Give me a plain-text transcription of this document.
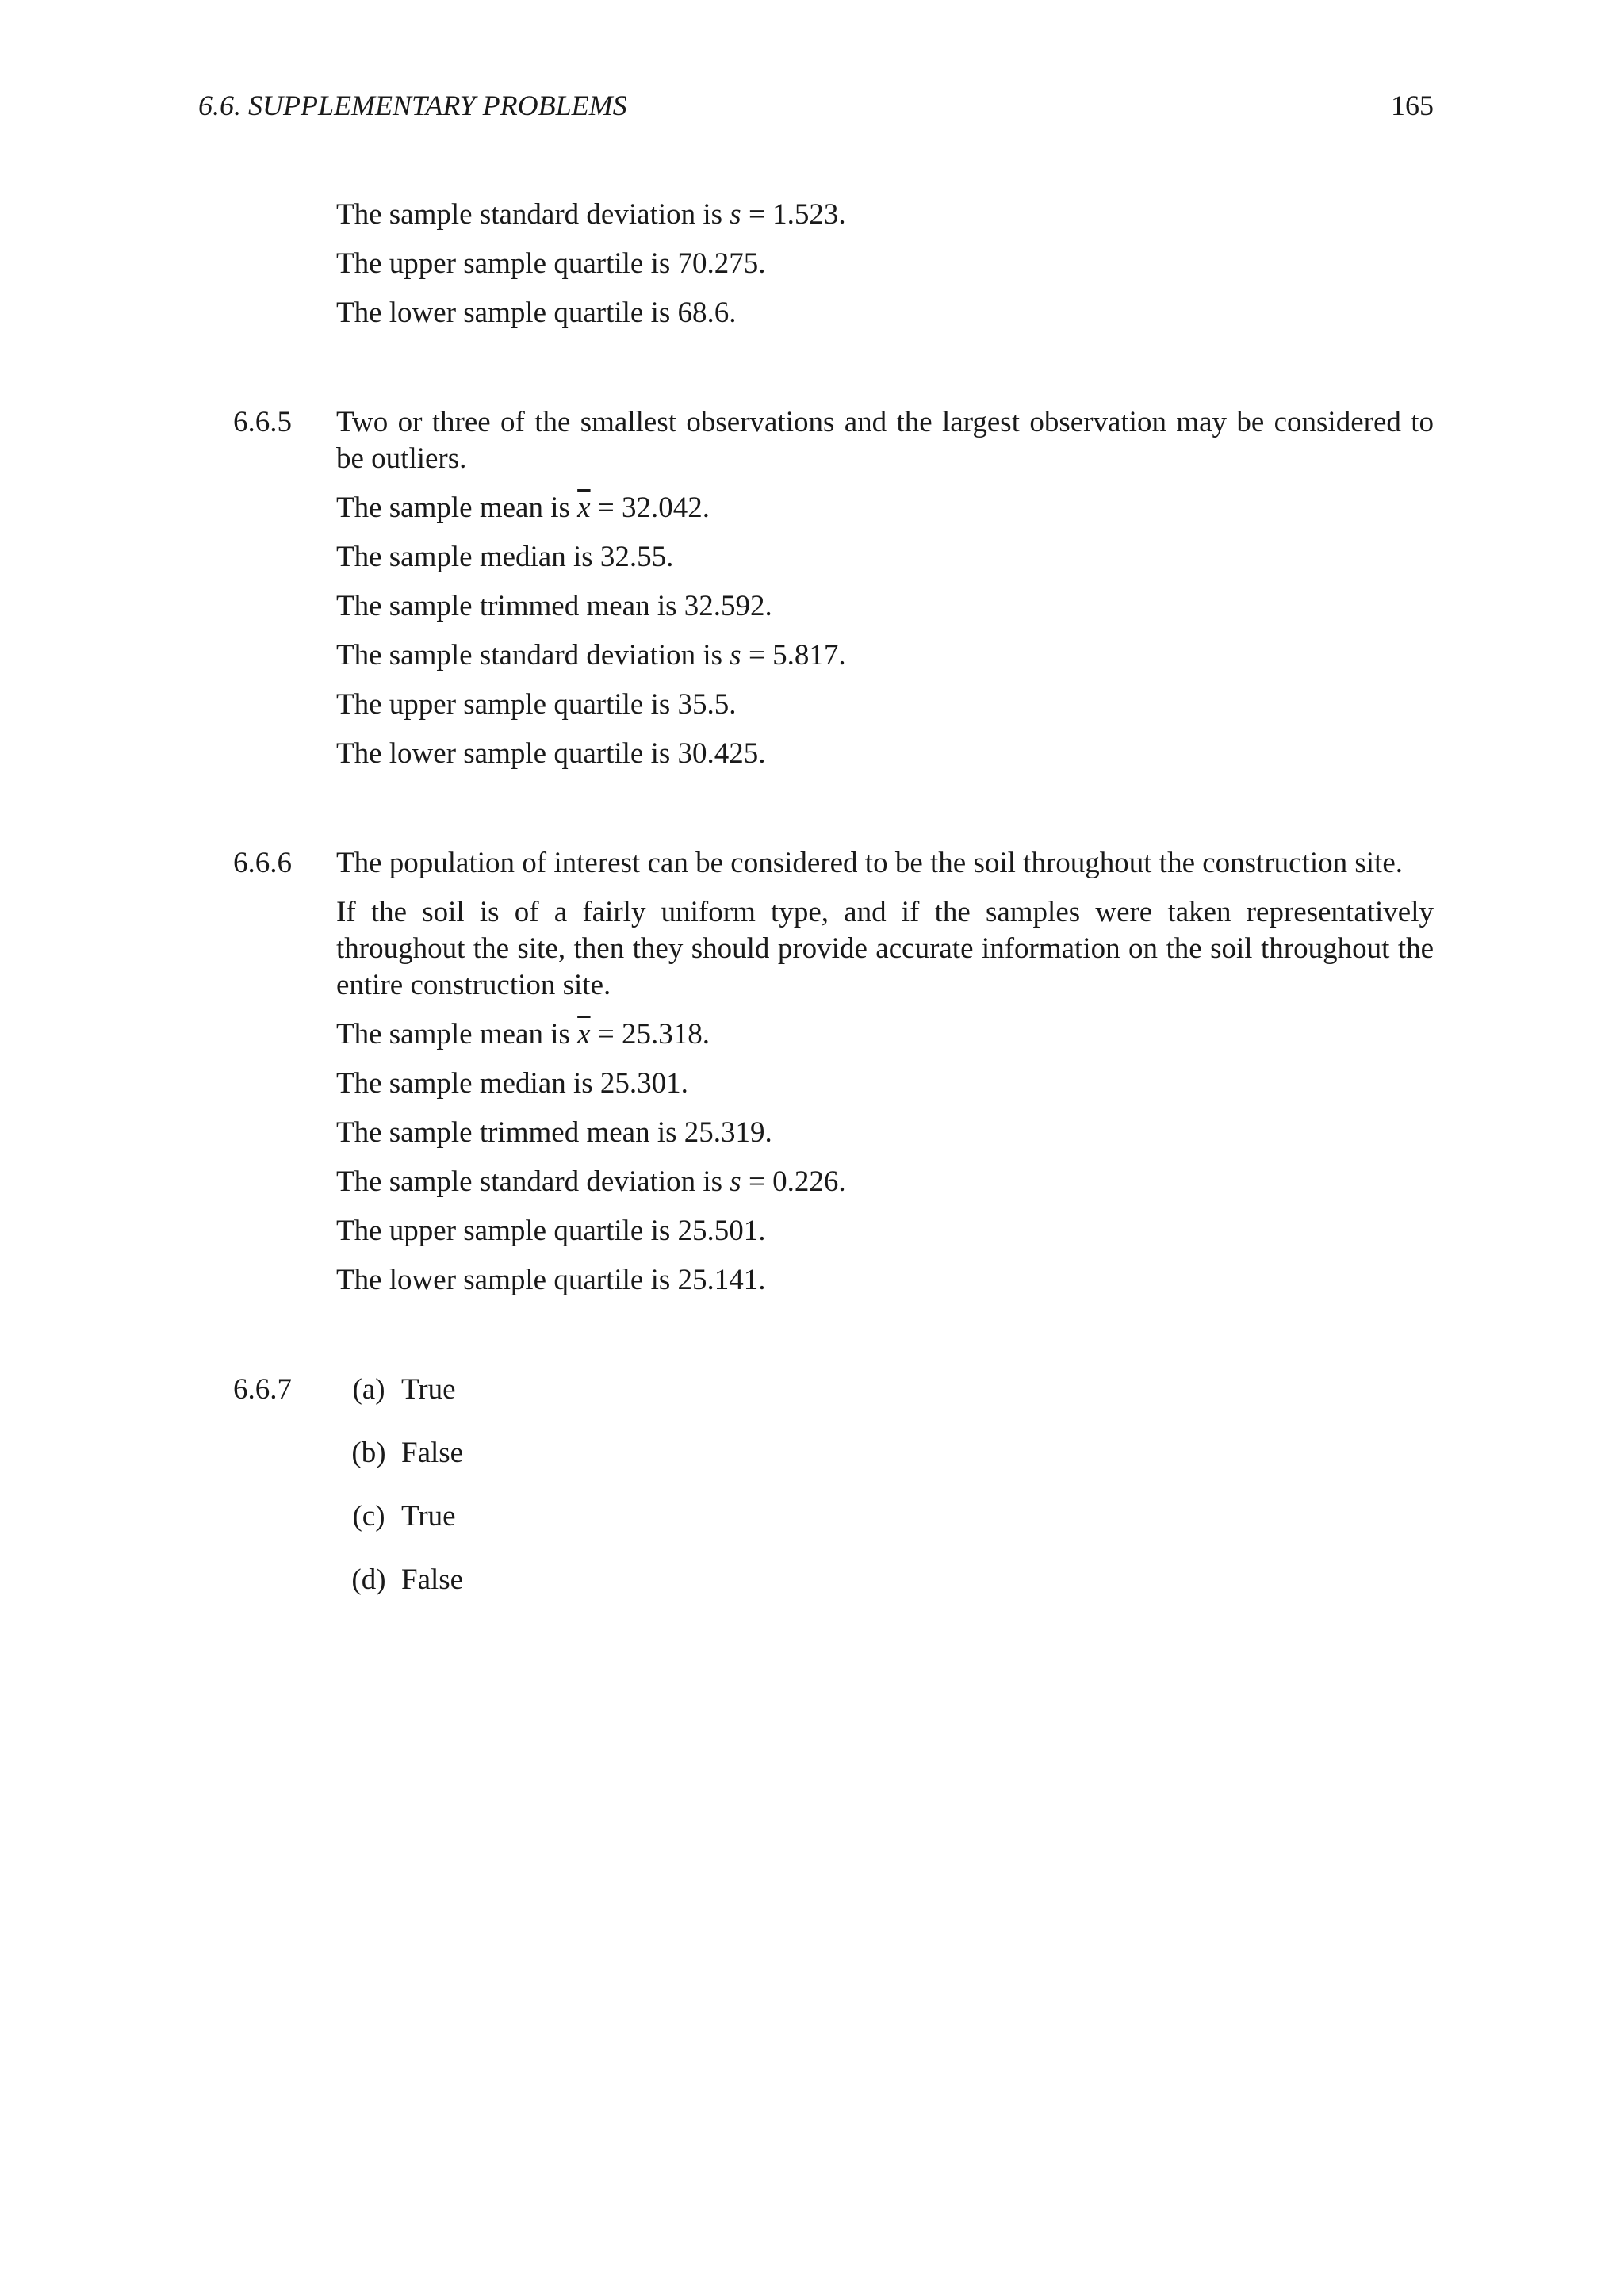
6.6. SUPPLEMENTARY PROBLEMS	165

The sample standard deviation is s = 1.523.

The upper sample quartile is 70.275.

The lower sample quartile is 68.6.

6.6.5	Two or three of the smallest observations and the largest observation may be considered to be outliers.

The sample mean is $\overline{x} = 32.042$.

The sample median is 32.55.

The sample trimmed mean is 32.592.

The sample standard deviation is s = 5.817.

The upper sample quartile is 35.5.

The lower sample quartile is 30.425.

6.6.6	The population of interest can be considered to be the soil throughout the construction site.

If the soil is of a fairly uniform type, and if the samples were taken representatively throughout the site, then they should provide accurate information on the soil throughout the entire construction site.

The sample mean is $\overline{x} = 25.318$.

The sample median is 25.301.

The sample trimmed mean is 25.319.

The sample standard deviation is s = 0.226.

The upper sample quartile is 25.501.

The lower sample quartile is 25.141.

6.6.7	(a) True
(b) False
(c) True
(d) False
